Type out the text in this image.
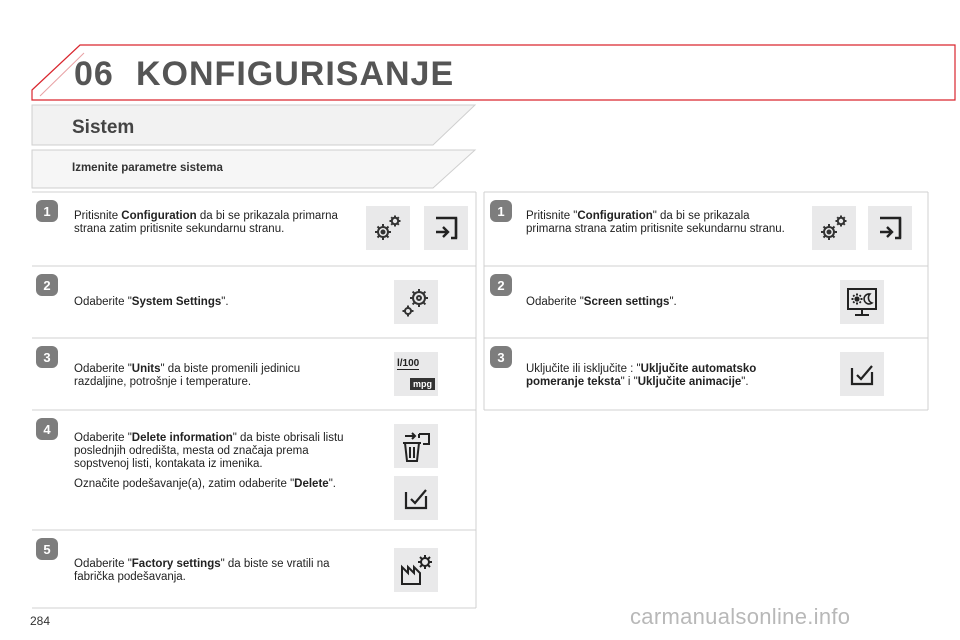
06 KONFIGURISANJE
Sistem
Izmenite parametre sistema
1	Pritisnite Configuration da bi se prikazala primarna strana zatim pritisnite sekundarnu stranu.
2
Odaberite "System Settings".
3
Odaberite "Units" da biste promenili jedinicu razdaljine, potrošnje i temperature.
l/100
mpg
4
Odaberite "Delete information" da biste obrisali listu poslednjih odredišta, mesta od značaja prema sopstvenoj listi, kontakata iz imenika.
Označite podešavanje(a), zatim odaberite "Delete".
5
Odaberite "Factory settings" da biste se vratili na fabrička podešavanja.
1	Pritisnite "Configuration" da bi se prikazala primarna strana zatim pritisnite sekundarnu stranu.
2
Odaberite "Screen settings".
3
Uključite ili isključite : "Uključite automatsko pomeranje teksta" i "Uključite animacije".
284	carmanualsonline.info
